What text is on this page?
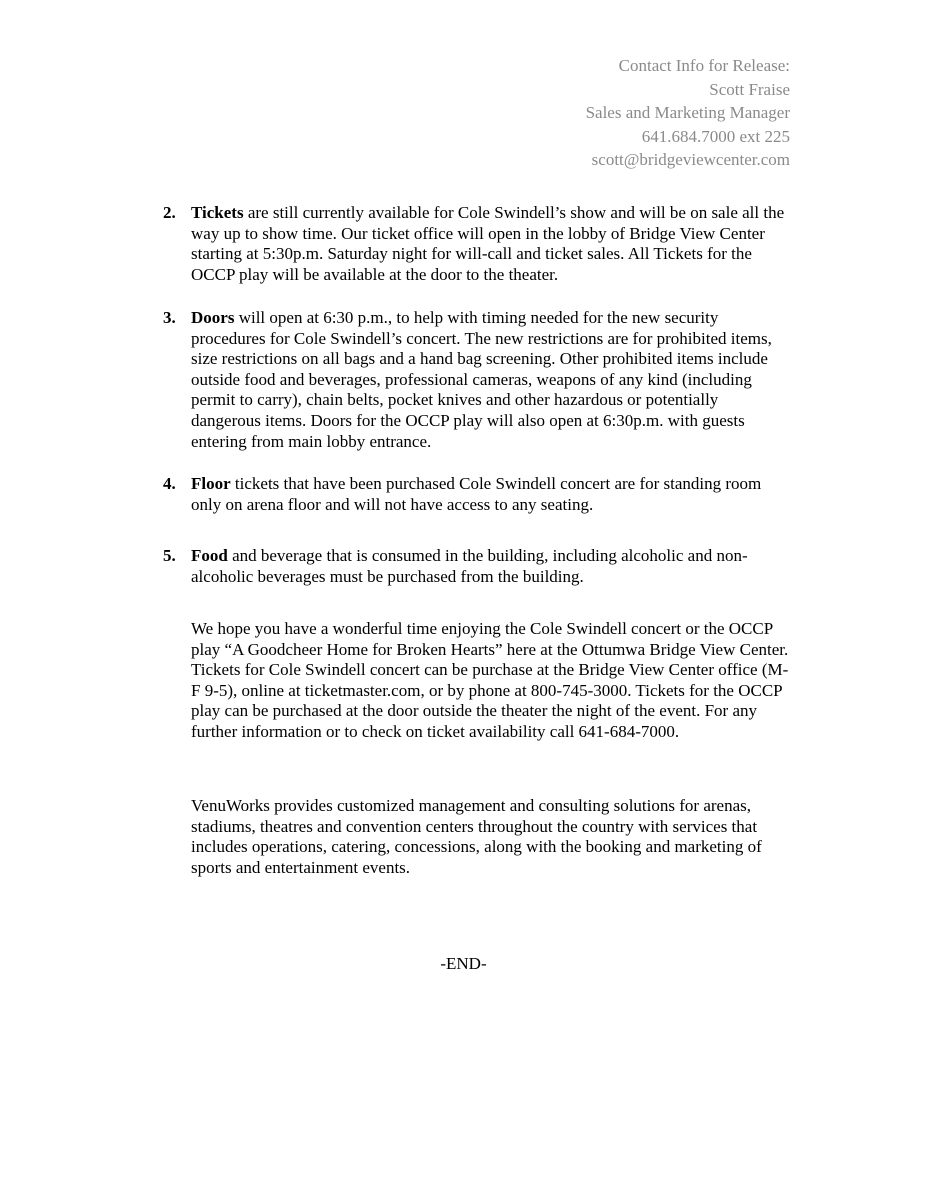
Contact Info for Release:
Scott Fraise
Sales and Marketing Manager
641.684.7000 ext 225
scott@bridgeviewcenter.com
2. Tickets are still currently available for Cole Swindell’s show and will be on sale all the way up to show time. Our ticket office will open in the lobby of Bridge View Center starting at 5:30p.m. Saturday night for will-call and ticket sales. All Tickets for the OCCP play will be available at the door to the theater.
3. Doors will open at 6:30 p.m., to help with timing needed for the new security procedures for Cole Swindell’s concert. The new restrictions are for prohibited items, size restrictions on all bags and a hand bag screening. Other prohibited items include outside food and beverages, professional cameras, weapons of any kind (including permit to carry), chain belts, pocket knives and other hazardous or potentially dangerous items. Doors for the OCCP play will also open at 6:30p.m. with guests entering from main lobby entrance.
4. Floor tickets that have been purchased Cole Swindell concert are for standing room only on arena floor and will not have access to any seating.
5. Food and beverage that is consumed in the building, including alcoholic and non-alcoholic beverages must be purchased from the building.
We hope you have a wonderful time enjoying the Cole Swindell concert or the OCCP play “A Goodcheer Home for Broken Hearts” here at the Ottumwa Bridge View Center. Tickets for Cole Swindell concert can be purchase at the Bridge View Center office (M-F 9-5), online at ticketmaster.com, or by phone at 800-745-3000. Tickets for the OCCP play can be purchased at the door outside the theater the night of the event. For any further information or to check on ticket availability call 641-684-7000.
VenuWorks provides customized management and consulting solutions for arenas, stadiums, theatres and convention centers throughout the country with services that includes operations, catering, concessions, along with the booking and marketing of sports and entertainment events.
-END-
